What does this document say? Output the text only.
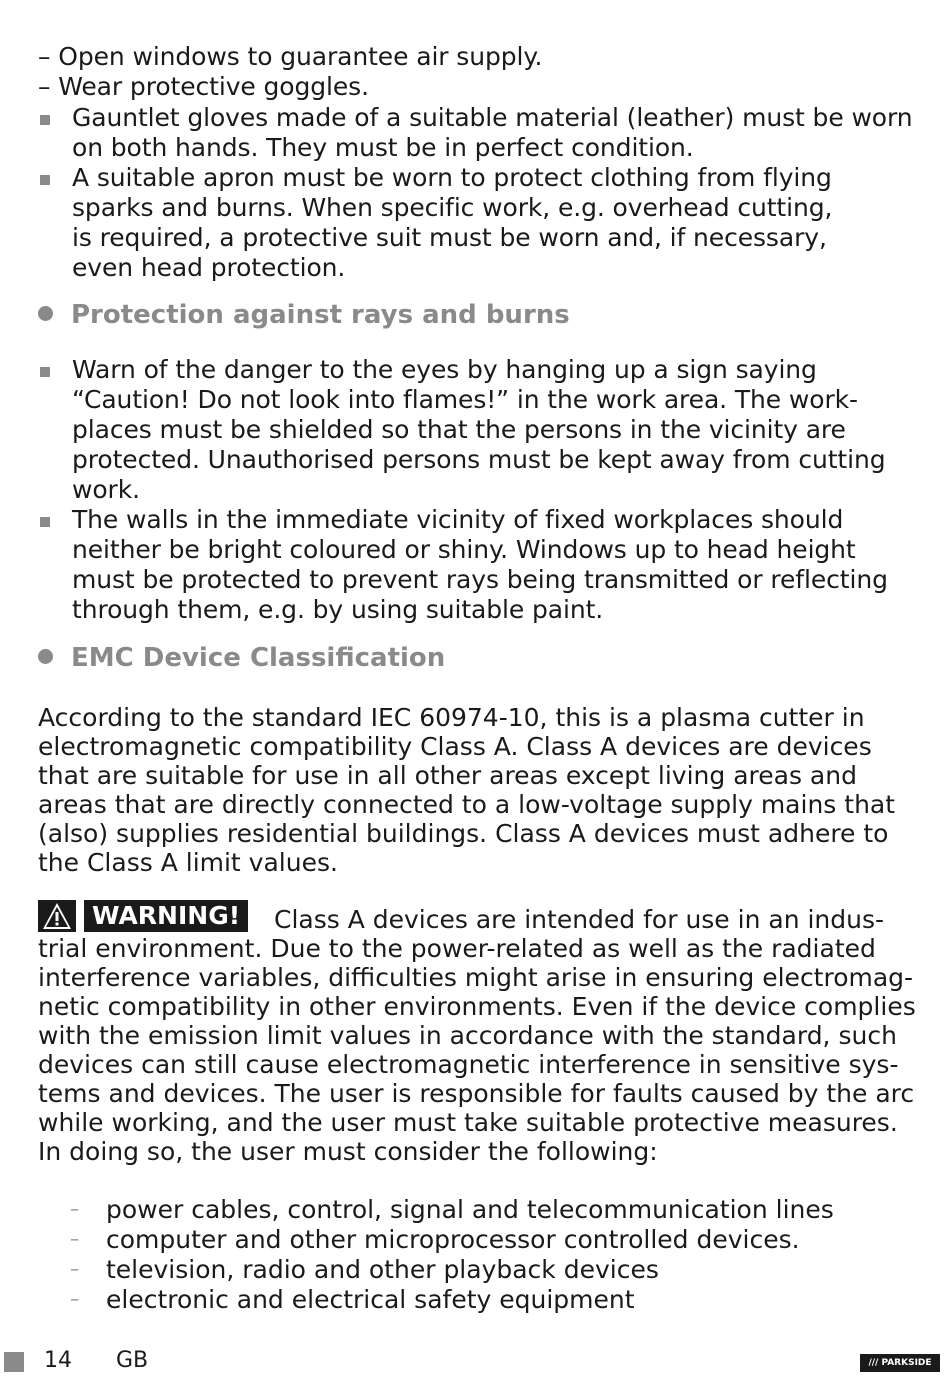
– Open windows to guarantee air supply.
– Wear protective goggles.
Gauntlet gloves made of a suitable material (leather) must be worn
on both hands. They must be in perfect condition.
A suitable apron must be worn to protect clothing from flying
sparks and burns. When specific work, e.g. overhead cutting,
is required, a protective suit must be worn and, if necessary,
even head protection.
Protection against rays and burns
Warn of the danger to the eyes by hanging up a sign saying
“Caution! Do not look into flames!” in the work area. The work-
places must be shielded so that the persons in the vicinity are
protected. Unauthorised persons must be kept away from cutting
work.
The walls in the immediate vicinity of fixed workplaces should
neither be bright coloured or shiny. Windows up to head height
must be protected to prevent rays being transmitted or reflecting
through them, e.g. by using suitable paint.
EMC Device Classification
According to the standard IEC 60974-10, this is a plasma cutter in
electromagnetic compatibility Class A. Class A devices are devices
that are suitable for use in all other areas except living areas and
areas that are directly connected to a low-voltage supply mains that
(also) supplies residential buildings. Class A devices must adhere to
the Class A limit values.
WARNING!	Class A devices are intended for use in an indus-
trial environment. Due to the power-related as well as the radiated
interference variables, difficulties might arise in ensuring electromag-
netic compatibility in other environments. Even if the device complies
with the emission limit values in accordance with the standard, such
devices can still cause electromagnetic interference in sensitive sys-
tems and devices. The user is responsible for faults caused by the arc
while working, and the user must take suitable protective measures.
In doing so, the user must consider the following:
– power cables, control, signal and telecommunication lines
– computer and other microprocessor controlled devices.
– television, radio and other playback devices
– electronic and electrical safety equipment
14 GB	/// PARKSIDE
